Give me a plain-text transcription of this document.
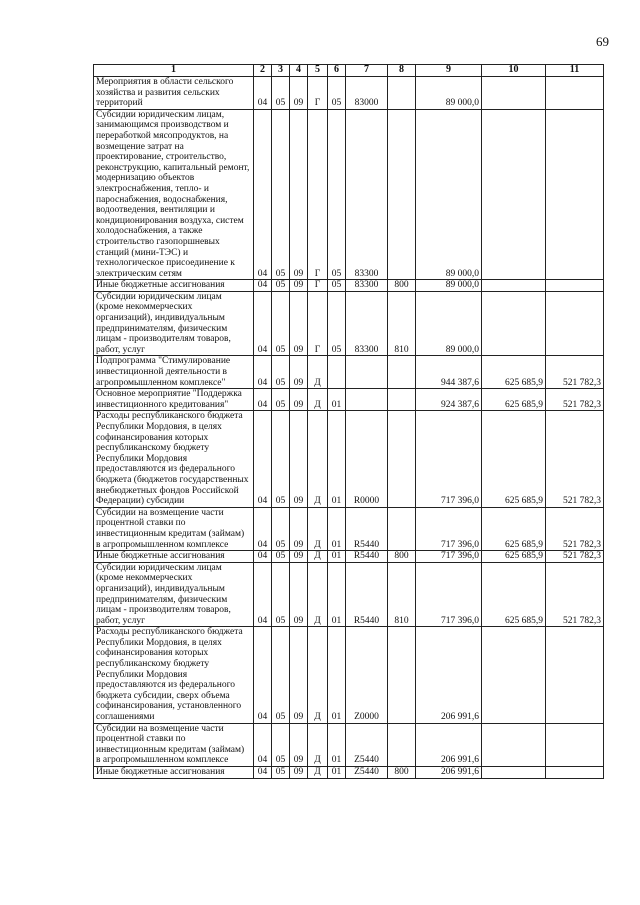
69
1	2	3	4	5	6	7	8	9	10	11
Мероприятия в области сельского хозяйства и развития сельских территорий	04	05	09	Г	05	83000		89 000,0		
Субсидии юридическим лицам, занимающимся производством и переработкой мясопродуктов, на возмещение затрат на проектирование, строительство, реконструкцию, капитальный ремонт, модернизацию объектов электроснабжения, тепло- и пароснабжения, водоснабжения, водоотведения, вентиляции и кондиционирования воздуха, систем холодоснабжения, а также строительство газопоршневых станций (мини-ТЭС) и технологическое присоединение к электрическим сетям	04	05	09	Г	05	83300		89 000,0		
Иные бюджетные ассигнования	04	05	09	Г	05	83300	800	89 000,0		
Субсидии юридическим лицам (кроме некоммерческих организаций), индивидуальным предпринимателям, физическим лицам - производителям товаров, работ, услуг	04	05	09	Г	05	83300	810	89 000,0		
Подпрограмма "Стимулирование инвестиционной деятельности в агропромышленном комплексе"	04	05	09	Д				944 387,6	625 685,9	521 782,3
Основное мероприятие "Поддержка инвестиционного кредитования"	04	05	09	Д	01			924 387,6	625 685,9	521 782,3
Расходы республиканского бюджета Республики Мордовия, в целях софинансирования которых республиканскому бюджету Республики Мордовия предоставляются из федерального бюджета (бюджетов государственных внебюджетных фондов Российской Федерации) субсидии	04	05	09	Д	01	R0000		717 396,0	625 685,9	521 782,3
Субсидии на возмещение части процентной ставки по инвестиционным кредитам (займам) в агропромышленном комплексе	04	05	09	Д	01	R5440		717 396,0	625 685,9	521 782,3
Иные бюджетные ассигнования	04	05	09	Д	01	R5440	800	717 396,0	625 685,9	521 782,3
Субсидии юридическим лицам (кроме некоммерческих организаций), индивидуальным предпринимателям, физическим лицам - производителям товаров, работ, услуг	04	05	09	Д	01	R5440	810	717 396,0	625 685,9	521 782,3
Расходы республиканского бюджета Республики Мордовия, в целях софинансирования которых республиканскому бюджету Республики Мордовия предоставляются из федерального бюджета субсидии, сверх объема софинансирования, установленного соглашениями	04	05	09	Д	01	Z0000		206 991,6		
Субсидии на возмещение части процентной ставки по инвестиционным кредитам (займам) в агропромышленном комплексе	04	05	09	Д	01	Z5440		206 991,6		
Иные бюджетные ассигнования	04	05	09	Д	01	Z5440	800	206 991,6		
